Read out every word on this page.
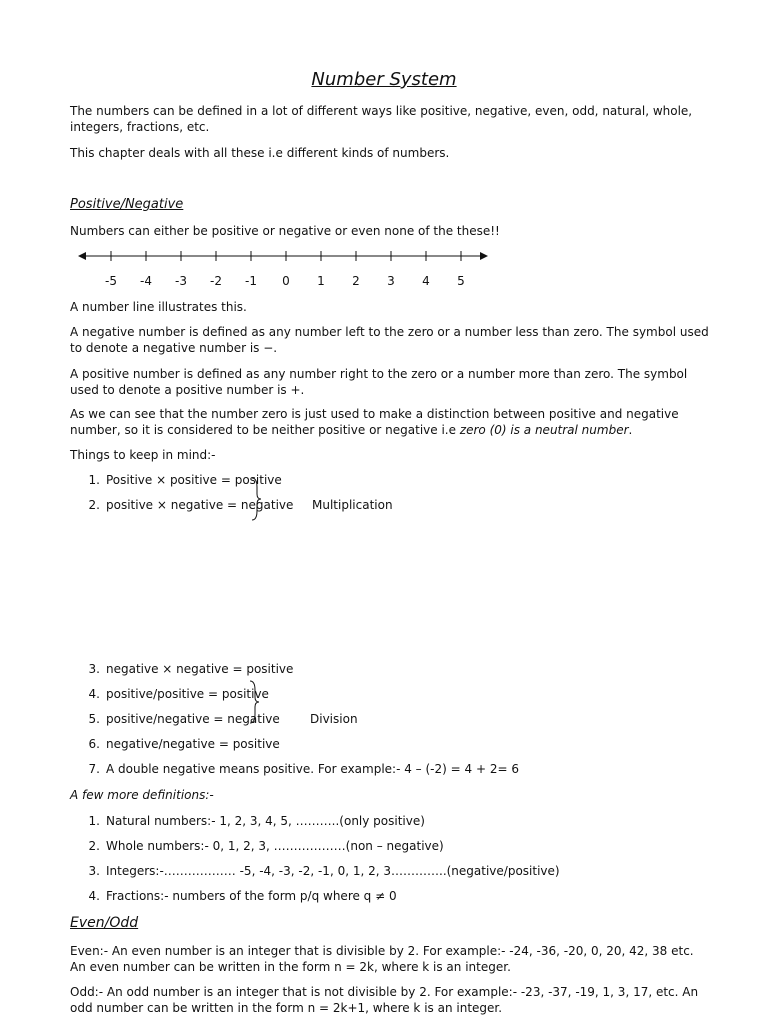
Number System
The numbers can be defined in a lot of different ways like positive, negative, even, odd, natural, whole, integers, fractions, etc.
This chapter deals with all these i.e different kinds of numbers.
Positive/Negative
Numbers can either be positive or negative or even none of the these!!
-5	-4	-3	-2	-1	0	1	2	3	4	5
A number line illustrates this.
A negative number is defined as any number left to the zero or a number less than zero. The symbol used to denote a negative number is −.
A positive number is defined as any number right to the zero or a number more than zero. The symbol used to denote a positive number is +.
As we can see that the number zero is just used to make a distinction between positive and negative number, so it is considered to be neither positive or negative i.e zero (0) is a neutral number.
Things to keep in mind:-
1. Positive × positive = positive
2. positive × negative = negative Multiplication
3. negative × negative = positive
4. positive/positive = positive
5. positive/negative = negative	Division
6. negative/negative = positive
7. A double negative means positive. For example:- 4 – (-2) = 4 + 2= 6
A few more definitions:-
1. Natural numbers:- 1, 2, 3, 4, 5, ………..(only positive)
2. Whole numbers:- 0, 1, 2, 3, ………………(non – negative)
3. Integers:-……………… -5, -4, -3, -2, -1, 0, 1, 2, 3…………..(negative/positive)
4. Fractions:- numbers of the form p/q where q ≠ 0
Even/Odd
Even:- An even number is an integer that is divisible by 2. For example:- -24, -36, -20, 0, 20, 42, 38 etc. An even number can be written in the form n = 2k, where k is an integer.
Odd:- An odd number is an integer that is not divisible by 2. For example:- -23, -37, -19, 1, 3, 17, etc. An odd number can be written in the form n = 2k+1, where k is an integer.
